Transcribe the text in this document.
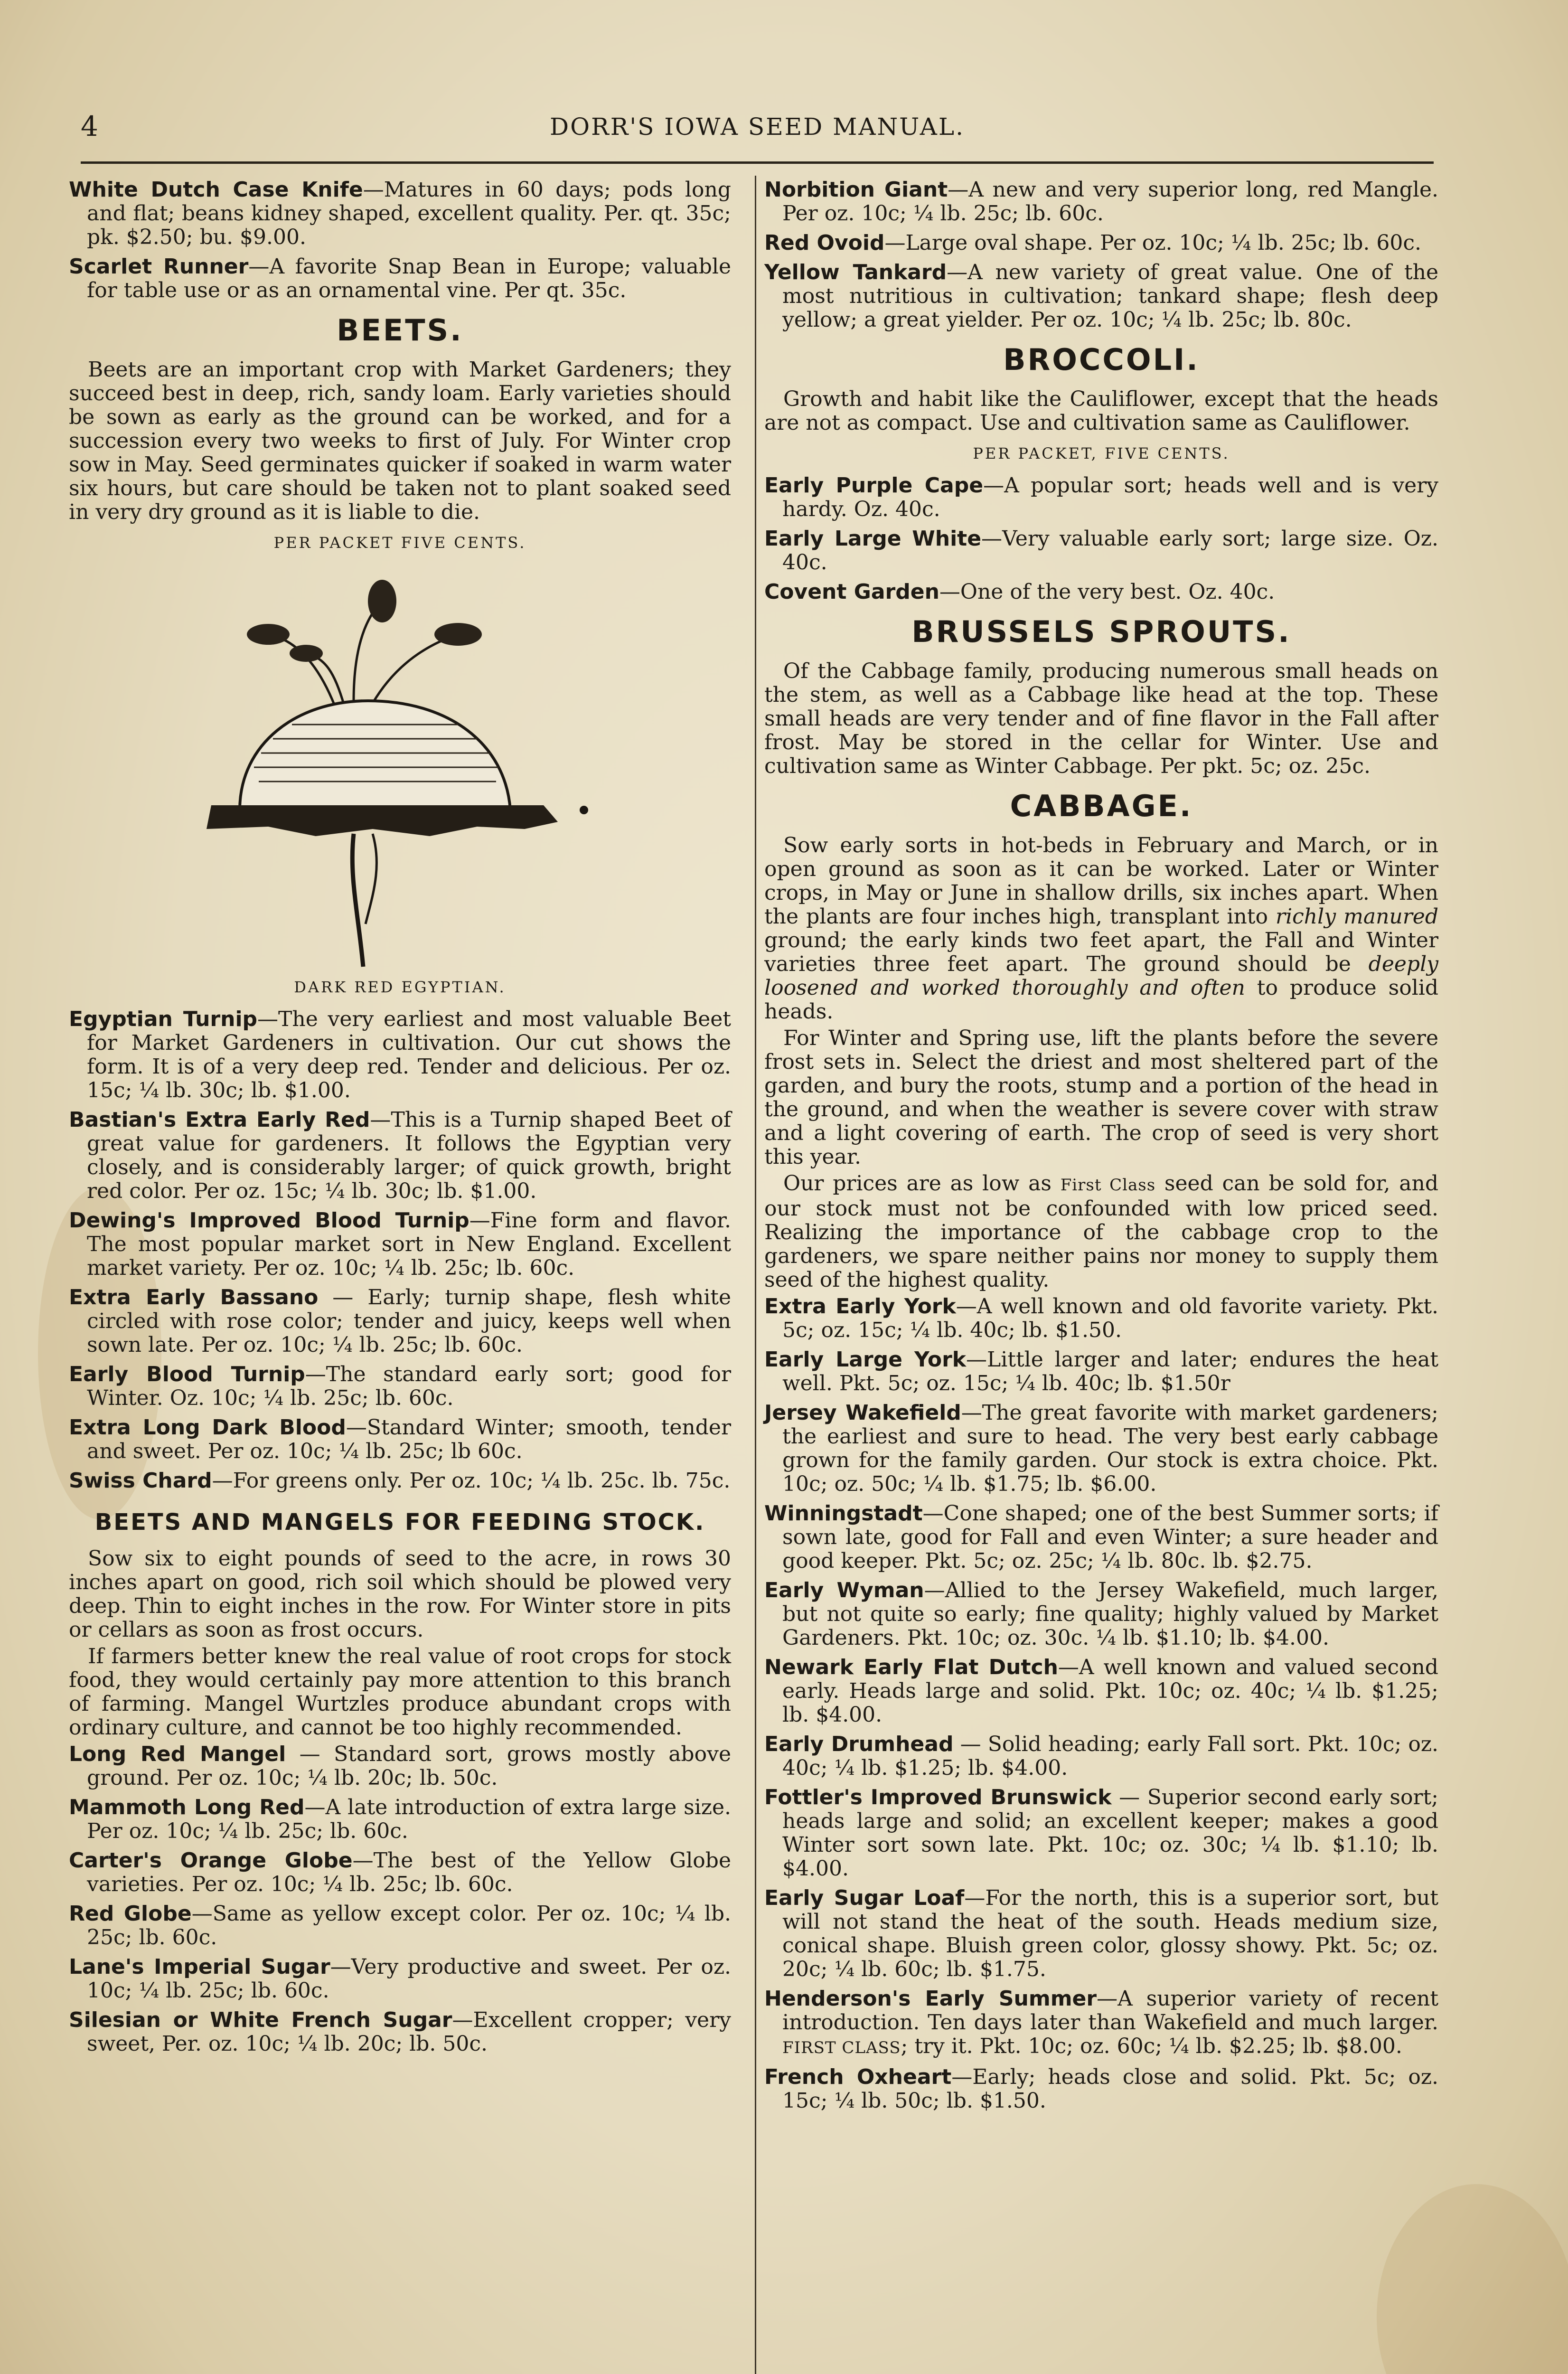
4	DORR'S IOWA SEED MANUAL.

White Dutch Case Knife—Matures in 60 days; pods long and flat; beans kidney shaped, excellent quality. Per. qt. 35c; pk. $2.50; bu. $9.00.

Scarlet Runner—A favorite Snap Bean in Europe; valuable for table use or as an ornamental vine. Per qt. 35c.

BEETS.

Beets are an important crop with Market Gardeners; they succeed best in deep, rich, sandy loam. Early varieties should be sown as early as the ground can be worked, and for a succession every two weeks to first of July. For Winter crop sow in May. Seed germinates quicker if soaked in warm water six hours, but care should be taken not to plant soaked seed in very dry ground as it is liable to die.

PER PACKET FIVE CENTS.
DARK RED EGYPTIAN.

Egyptian Turnip—The very earliest and most valuable Beet for Market Gardeners in cultivation. Our cut shows the form. It is of a very deep red. Tender and delicious. Per oz. 15c; ¼ lb. 30c; lb. $1.00.

Bastian's Extra Early Red—This is a Turnip shaped Beet of great value for gardeners. It follows the Egyptian very closely, and is considerably larger; of quick growth, bright red color. Per oz. 15c; ¼ lb. 30c; lb. $1.00.

Dewing's Improved Blood Turnip—Fine form and flavor. The most popular market sort in New England. Excellent market variety. Per oz. 10c; ¼ lb. 25c; lb. 60c.

Extra Early Bassano — Early; turnip shape, flesh white circled with rose color; tender and juicy, keeps well when sown late. Per oz. 10c; ¼ lb. 25c; lb. 60c.

Early Blood Turnip—The standard early sort; good for Winter. Oz. 10c; ¼ lb. 25c; lb. 60c.

Extra Long Dark Blood—Standard Winter; smooth, tender and sweet. Per oz. 10c; ¼ lb. 25c; lb 60c.

Swiss Chard—For greens only. Per oz. 10c; ¼ lb. 25c. lb. 75c.

BEETS AND MANGELS FOR FEEDING STOCK.

Sow six to eight pounds of seed to the acre, in rows 30 inches apart on good, rich soil which should be plowed very deep. Thin to eight inches in the row. For Winter store in pits or cellars as soon as frost occurs.

If farmers better knew the real value of root crops for stock food, they would certainly pay more attention to this branch of farming. Mangel Wurtzles produce abundant crops with ordinary culture, and cannot be too highly recommended.

Long Red Mangel — Standard sort, grows mostly above ground. Per oz. 10c; ¼ lb. 20c; lb. 50c.

Mammoth Long Red—A late introduction of extra large size. Per oz. 10c; ¼ lb. 25c; lb. 60c.

Carter's Orange Globe—The best of the Yellow Globe varieties. Per oz. 10c; ¼ lb. 25c; lb. 60c.

Red Globe—Same as yellow except color. Per oz. 10c; ¼ lb. 25c; lb. 60c.

Lane's Imperial Sugar—Very productive and sweet. Per oz. 10c; ¼ lb. 25c; lb. 60c.

Silesian or White French Sugar—Excellent cropper; very sweet, Per. oz. 10c; ¼ lb. 20c; lb. 50c.

Norbition Giant—A new and very superior long, red Mangle. Per oz. 10c; ¼ lb. 25c; lb. 60c.

Red Ovoid—Large oval shape. Per oz. 10c; ¼ lb. 25c; lb. 60c.

Yellow Tankard—A new variety of great value. One of the most nutritious in cultivation; tankard shape; flesh deep yellow; a great yielder. Per oz. 10c; ¼ lb. 25c; lb. 80c.

BROCCOLI.

Growth and habit like the Cauliflower, except that the heads are not as compact. Use and cultivation same as Cauliflower.

PER PACKET, FIVE CENTS.

Early Purple Cape—A popular sort; heads well and is very hardy. Oz. 40c.

Early Large White—Very valuable early sort; large size. Oz. 40c.

Covent Garden—One of the very best. Oz. 40c.

BRUSSELS SPROUTS.

Of the Cabbage family, producing numerous small heads on the stem, as well as a Cabbage like head at the top. These small heads are very tender and of fine flavor in the Fall after frost. May be stored in the cellar for Winter. Use and cultivation same as Winter Cabbage. Per pkt. 5c; oz. 25c.

CABBAGE.

Sow early sorts in hot-beds in February and March, or in open ground as soon as it can be worked. Later or Winter crops, in May or June in shallow drills, six inches apart. When the plants are four inches high, transplant into richly manured ground; the early kinds two feet apart, the Fall and Winter varieties three feet apart. The ground should be deeply loosened and worked thoroughly and often to produce solid heads.

For Winter and Spring use, lift the plants before the severe frost sets in. Select the driest and most sheltered part of the garden, and bury the roots, stump and a portion of the head in the ground, and when the weather is severe cover with straw and a light covering of earth. The crop of seed is very short this year.

Our prices are as low as First Class seed can be sold for, and our stock must not be confounded with low priced seed. Realizing the importance of the cabbage crop to the gardeners, we spare neither pains nor money to supply them seed of the highest quality.

Extra Early York—A well known and old favorite variety. Pkt. 5c; oz. 15c; ¼ lb. 40c; lb. $1.50.

Early Large York—Little larger and later; endures the heat well. Pkt. 5c; oz. 15c; ¼ lb. 40c; lb. $1.50r

Jersey Wakefield—The great favorite with market gardeners; the earliest and sure to head. The very best early cabbage grown for the family garden. Our stock is extra choice. Pkt. 10c; oz. 50c; ¼ lb. $1.75; lb. $6.00.

Winningstadt—Cone shaped; one of the best Summer sorts; if sown late, good for Fall and even Winter; a sure header and good keeper. Pkt. 5c; oz. 25c; ¼ lb. 80c. lb. $2.75.

Early Wyman—Allied to the Jersey Wakefield, much larger, but not quite so early; fine quality; highly valued by Market Gardeners. Pkt. 10c; oz. 30c. ¼ lb. $1.10; lb. $4.00.

Newark Early Flat Dutch—A well known and valued second early. Heads large and solid. Pkt. 10c; oz. 40c; ¼ lb. $1.25; lb. $4.00.

Early Drumhead — Solid heading; early Fall sort. Pkt. 10c; oz. 40c; ¼ lb. $1.25; lb. $4.00.

Fottler's Improved Brunswick — Superior second early sort; heads large and solid; an excellent keeper; makes a good Winter sort sown late. Pkt. 10c; oz. 30c; ¼ lb. $1.10; lb. $4.00.

Early Sugar Loaf—For the north, this is a superior sort, but will not stand the heat of the south. Heads medium size, conical shape. Bluish green color, glossy showy. Pkt. 5c; oz. 20c; ¼ lb. 60c; lb. $1.75.

Henderson's Early Summer—A superior variety of recent introduction. Ten days later than Wakefield and much larger. FIRST CLASS; try it. Pkt. 10c; oz. 60c; ¼ lb. $2.25; lb. $8.00.

French Oxheart—Early; heads close and solid. Pkt. 5c; oz. 15c; ¼ lb. 50c; lb. $1.50.
